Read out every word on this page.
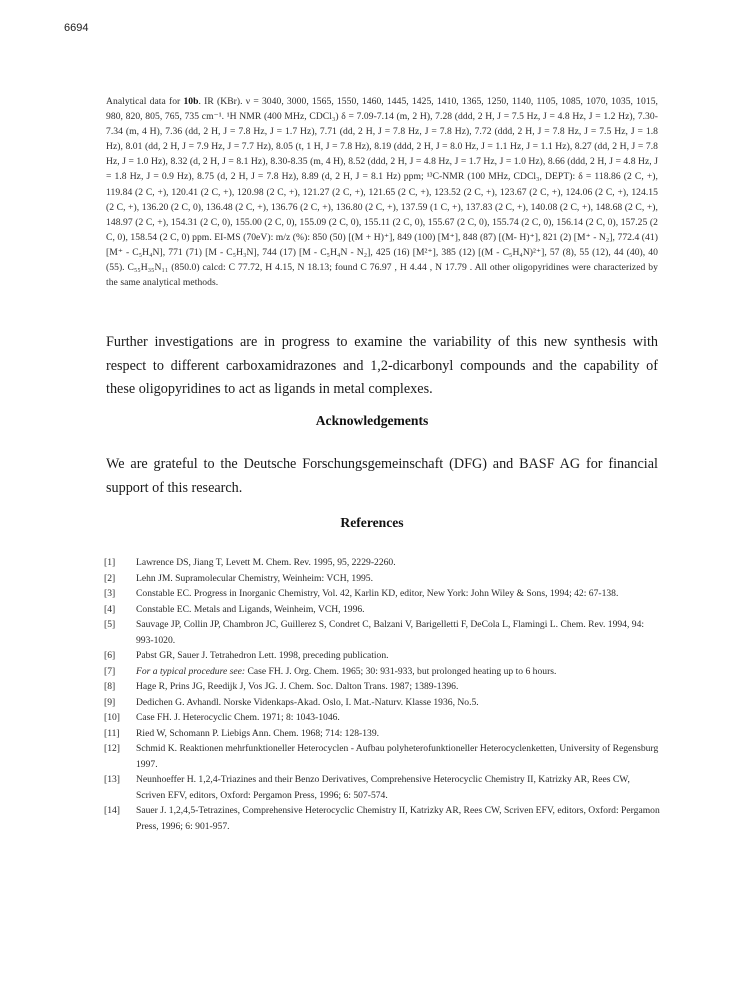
6694
Analytical data for 10b. IR (KBr). ν = 3040, 3000, 1565, 1550, 1460, 1445, 1425, 1410, 1365, 1250, 1140, 1105, 1085, 1070, 1035, 1015, 980, 820, 805, 765, 735 cm⁻¹. ¹H NMR (400 MHz, CDCl₃) δ = 7.09-7.14 (m, 2 H), 7.28 (ddd, 2 H, J = 7.5 Hz, J = 4.8 Hz, J = 1.2 Hz), 7.30-7.34 (m, 4 H), 7.36 (dd, 2 H, J = 7.8 Hz, J = 1.7 Hz), 7.71 (dd, 2 H, J = 7.8 Hz, J = 7.8 Hz), 7.72 (ddd, 2 H, J = 7.8 Hz, J = 7.5 Hz, J = 1.8 Hz), 8.01 (dd, 2 H, J = 7.9 Hz, J = 7.7 Hz), 8.05 (t, 1 H, J = 7.8 Hz), 8.19 (ddd, 2 H, J = 8.0 Hz, J = 1.1 Hz, J = 1.1 Hz), 8.27 (dd, 2 H, J = 7.8 Hz, J = 1.0 Hz), 8.32 (d, 2 H, J = 8.1 Hz), 8.30-8.35 (m, 4 H), 8.52 (ddd, 2 H, J = 4.8 Hz, J = 1.7 Hz, J = 1.0 Hz), 8.66 (ddd, 2 H, J = 4.8 Hz, J = 1.8 Hz, J = 0.9 Hz), 8.75 (d, 2 H, J = 7.8 Hz), 8.89 (d, 2 H, J = 8.1 Hz) ppm; ¹³C-NMR (100 MHz, CDCl₃, DEPT): δ = 118.86 (2 C, +), 119.84 (2 C, +), 120.41 (2 C, +), 120.98 (2 C, +), 121.27 (2 C, +), 121.65 (2 C, +), 123.52 (2 C, +), 123.67 (2 C, +), 124.06 (2 C, +), 124.15 (2 C, +), 136.20 (2 C, 0), 136.48 (2 C, +), 136.76 (2 C, +), 136.80 (2 C, +), 137.59 (1 C, +), 137.83 (2 C, +), 140.08 (2 C, +), 148.68 (2 C, +), 148.97 (2 C, +), 154.31 (2 C, 0), 155.00 (2 C, 0), 155.09 (2 C, 0), 155.11 (2 C, 0), 155.67 (2 C, 0), 155.74 (2 C, 0), 156.14 (2 C, 0), 157.25 (2 C, 0), 158.54 (2 C, 0) ppm. EI-MS (70eV): m/z (%): 850 (50) [(M + H)⁺], 849 (100) [M⁺], 848 (87) [(M- H)⁺], 821 (2) [M⁺ - N₂], 772.4 (41) [M⁺ - C₅H₄N], 771 (71) [M - C₅H₃N], 744 (17) [M - C₅H₄N - N₂], 425 (16) [M²⁺], 385 (12) [(M - C₅H₄N)²⁺], 57 (8), 55 (12), 44 (40), 40 (55). C₅₅H₃₅N₁₁ (850.0) calcd: C 77.72, H 4.15, N 18.13; found C 76.97 , H 4.44 , N 17.79 . All other oligopyridines were characterized by the same analytical methods.
Further investigations are in progress to examine the variability of this new synthesis with respect to different carboxamidrazones and 1,2-dicarbonyl compounds and the capability of these oligopyridines to act as ligands in metal complexes.
Acknowledgements
We are grateful to the Deutsche Forschungsgemeinschaft (DFG) and BASF AG for financial support of this research.
References
[1]	Lawrence DS, Jiang T, Levett M. Chem. Rev. 1995, 95, 2229-2260.
[2]	Lehn JM. Supramolecular Chemistry, Weinheim: VCH, 1995.
[3]	Constable EC. Progress in Inorganic Chemistry, Vol. 42, Karlin KD, editor, New York: John Wiley & Sons, 1994; 42: 67-138.
[4]	Constable EC. Metals and Ligands, Weinheim, VCH, 1996.
[5]	Sauvage JP, Collin JP, Chambron JC, Guillerez S, Condret C, Balzani V, Barigelletti F, DeCola L, Flamingi L. Chem. Rev. 1994, 94: 993-1020.
[6]	Pabst GR, Sauer J. Tetrahedron Lett. 1998, preceding publication.
[7]	For a typical procedure see: Case FH. J. Org. Chem. 1965; 30: 931-933, but prolonged heating up to 6 hours.
[8]	Hage R, Prins JG, Reedijk J, Vos JG. J. Chem. Soc. Dalton Trans. 1987; 1389-1396.
[9]	Dedichen G. Avhandl. Norske Videnkaps-Akad. Oslo, I. Mat.-Naturv. Klasse 1936, No.5.
[10]	Case FH. J. Heterocyclic Chem. 1971; 8: 1043-1046.
[11]	Ried W, Schomann P. Liebigs Ann. Chem. 1968; 714: 128-139.
[12]	Schmid K. Reaktionen mehrfunktioneller Heterocyclen - Aufbau polyheterofunktioneller Heterocyclenketten, University of Regensburg 1997.
[13]	Neunhoeffer H. 1,2,4-Triazines and their Benzo Derivatives, Comprehensive Heterocyclic Chemistry II, Katrizky AR, Rees CW, Scriven EFV, editors, Oxford: Pergamon Press, 1996; 6: 507-574.
[14]	Sauer J. 1,2,4,5-Tetrazines, Comprehensive Heterocyclic Chemistry II, Katrizky AR, Rees CW, Scriven EFV, editors, Oxford: Pergamon Press, 1996; 6: 901-957.
